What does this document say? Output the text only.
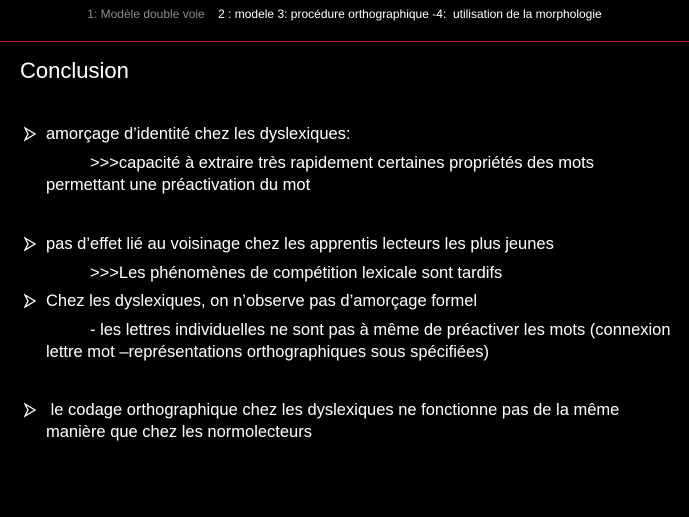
1: Modèle double voie 2 : modele 3: procédure orthographique -4: utilisation de la morphologie
Conclusion
amorçage d’identité chez les dyslexiques:
>>>capacité à extraire très rapidement certaines propriétés des mots permettant une préactivation du mot
pas d’effet lié au voisinage chez les apprentis lecteurs les plus jeunes
>>>Les phénomènes de compétition lexicale sont tardifs
Chez les dyslexiques, on n’observe pas d’amorçage formel
- les lettres individuelles ne sont pas à même de préactiver les mots (connexion lettre mot –représentations orthographiques sous spécifiées)
le codage orthographique chez les dyslexiques ne fonctionne pas de la même manière que chez les normolecteurs
